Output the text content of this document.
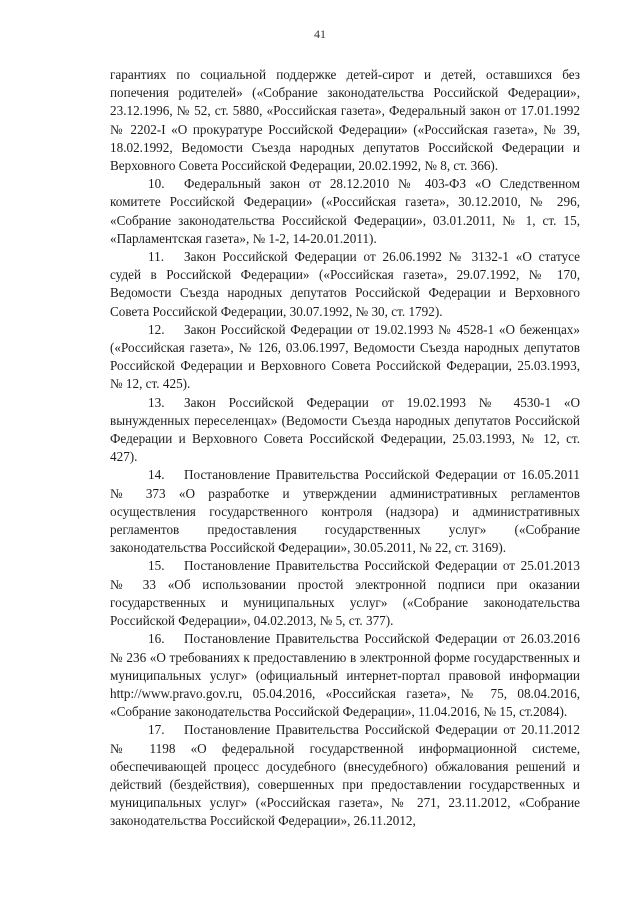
41

гарантиях по социальной поддержке детей-сирот и детей, оставшихся без попечения родителей» («Собрание законодательства Российской Федерации», 23.12.1996, № 52, ст. 5880, «Российская газета», Федеральный закон от 17.01.1992 № 2202-I «О прокуратуре Российской Федерации» («Российская газета», № 39, 18.02.1992, Ведомости Съезда народных депутатов Российской Федерации и Верховного Совета Российской Федерации, 20.02.1992, № 8, ст. 366).

10. Федеральный закон от 28.12.2010 № 403-ФЗ «О Следственном комитете Российской Федерации» («Российская газета», 30.12.2010, № 296, «Собрание законодательства Российской Федерации», 03.01.2011, № 1, ст. 15, «Парламентская газета», № 1-2, 14-20.01.2011).

11. Закон Российской Федерации от 26.06.1992 № 3132-1 «О статусе судей в Российской Федерации» («Российская газета», 29.07.1992, № 170, Ведомости Съезда народных депутатов Российской Федерации и Верховного Совета Российской Федерации, 30.07.1992, № 30, ст. 1792).

12. Закон Российской Федерации от 19.02.1993 № 4528-1 «О беженцах» («Российская газета», № 126, 03.06.1997, Ведомости Съезда народных депутатов Российской Федерации и Верховного Совета Российской Федерации, 25.03.1993, № 12, ст. 425).

13. Закон Российской Федерации от 19.02.1993 № 4530-1 «О вынужденных переселенцах» (Ведомости Съезда народных депутатов Российской Федерации и Верховного Совета Российской Федерации, 25.03.1993, № 12, ст. 427).

14. Постановление Правительства Российской Федерации от 16.05.2011 № 373 «О разработке и утверждении административных регламентов осуществления государственного контроля (надзора) и административных регламентов предоставления государственных услуг» («Собрание законодательства Российской Федерации», 30.05.2011, № 22, ст. 3169).

15. Постановление Правительства Российской Федерации от 25.01.2013 № 33 «Об использовании простой электронной подписи при оказании государственных и муниципальных услуг» («Собрание законодательства Российской Федерации», 04.02.2013, № 5, ст. 377).

16. Постановление Правительства Российской Федерации от 26.03.2016 № 236 «О требованиях к предоставлению в электронной форме государственных и муниципальных услуг» (официальный интернет-портал правовой информации http://www.pravo.gov.ru, 05.04.2016, «Российская газета», № 75, 08.04.2016, «Собрание законодательства Российской Федерации», 11.04.2016, № 15, ст.2084).

17. Постановление Правительства Российской Федерации от 20.11.2012 № 1198 «О федеральной государственной информационной системе, обеспечивающей процесс досудебного (внесудебного) обжалования решений и действий (бездействия), совершенных при предоставлении государственных и муниципальных услуг» («Российская газета», № 271, 23.11.2012, «Собрание законодательства Российской Федерации», 26.11.2012,
